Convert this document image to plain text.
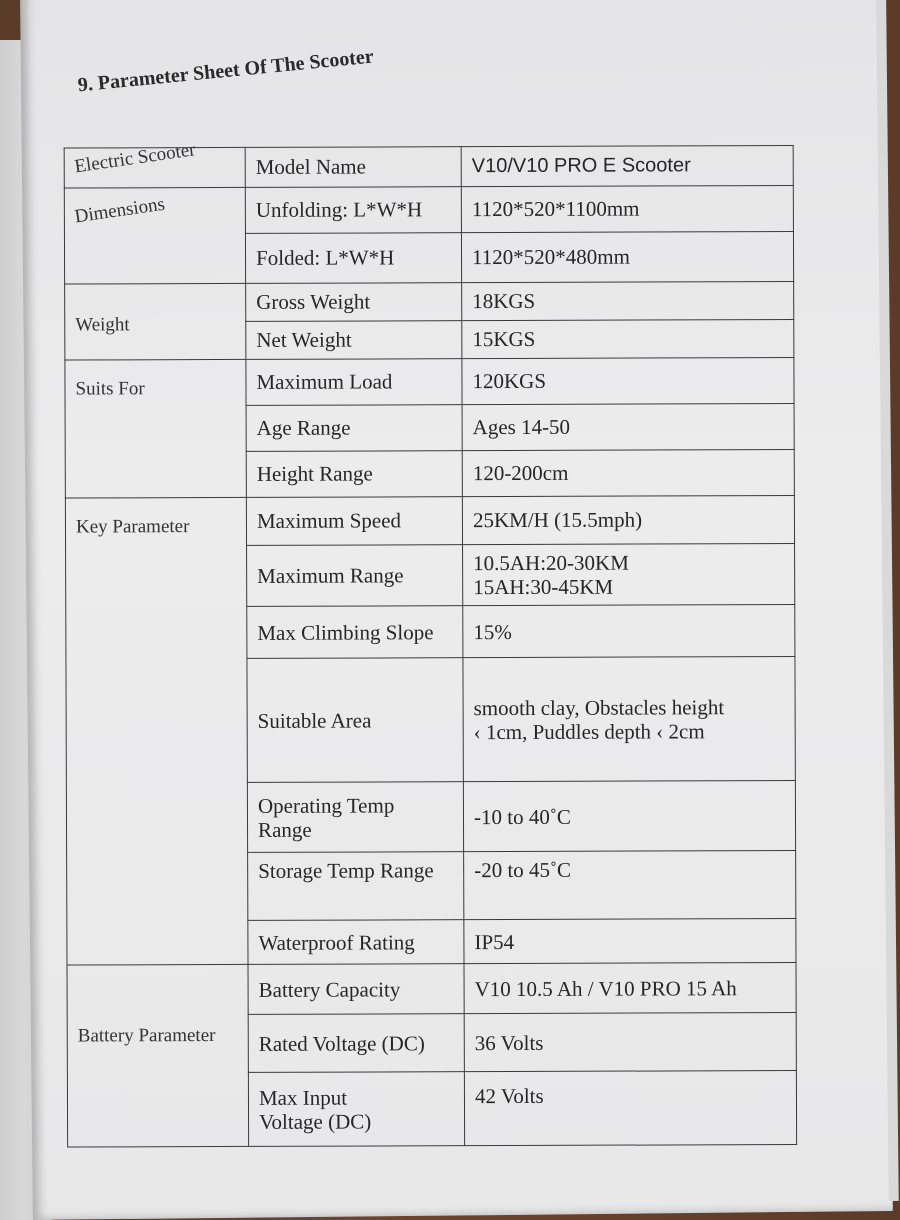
9. Parameter Sheet Of The Scooter
Electric Scooter	Model Name	V10/V10 PRO E Scooter
Dimensions	Unfolding: L*W*H	1120*520*1100mm
	Folded: L*W*H	1120*520*480mm
Weight	Gross Weight	18KGS
	Net Weight	15KGS
Suits For	Maximum Load	120KGS
	Age Range	Ages 14-50
	Height Range	120-200cm
Key Parameter	Maximum Speed	25KM/H (15.5mph)
	Maximum Range	10.5AH:20-30KM
15AH:30-45KM

	Max Climbing Slope	15%
	Suitable Area	smooth clay, Obstacles height
‹ 1cm, Puddles depth ‹ 2cm

	Operating Temp
Range	-10 to 40˚C
	Storage Temp Range	-20 to 45˚C
	Waterproof Rating	IP54
Battery Parameter	Battery Capacity	V10 10.5 Ah / V10 PRO 15 Ah
	Rated Voltage (DC)	36 Volts

	Max Input
Voltage (DC)	42 Volts
